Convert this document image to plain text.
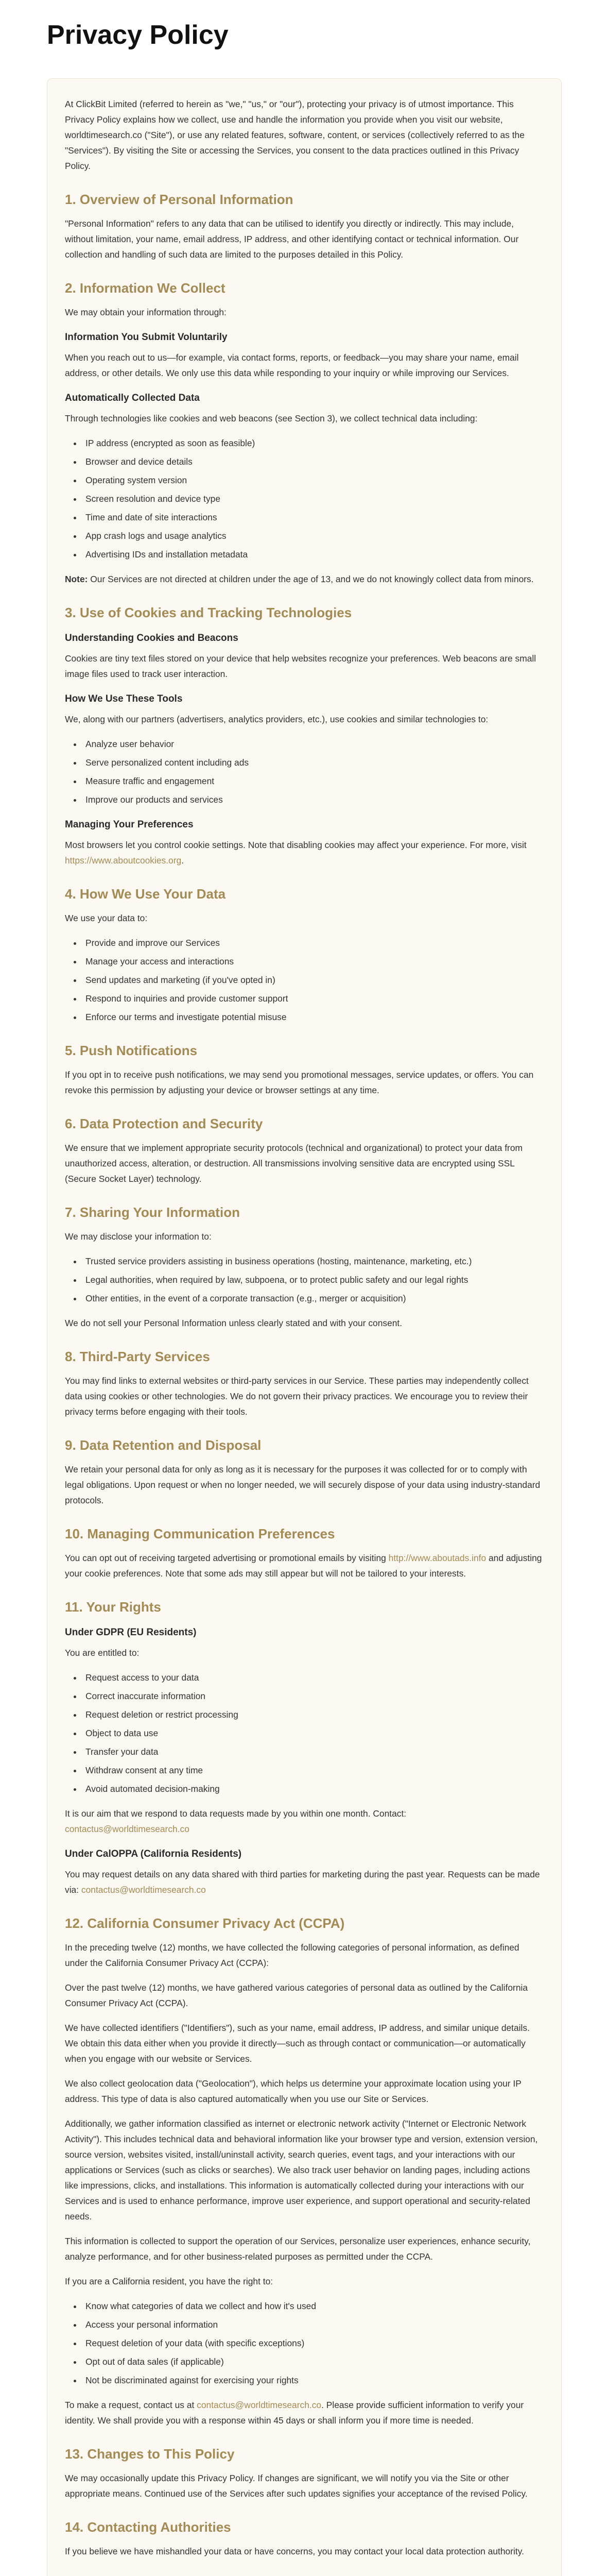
Privacy Policy

At ClickBit Limited (referred to herein as "we," "us," or "our"), protecting your privacy is of utmost importance. This Privacy Policy explains how we collect, use and handle the information you provide when you visit our website, worldtimesearch.co ("Site"), or use any related features, software, content, or services (collectively referred to as the "Services"). By visiting the Site or accessing the Services, you consent to the data practices outlined in this Privacy Policy.

1. Overview of Personal Information

"Personal Information" refers to any data that can be utilised to identify you directly or indirectly. This may include, without limitation, your name, email address, IP address, and other identifying contact or technical information. Our collection and handling of such data are limited to the purposes detailed in this Policy.

2. Information We Collect

We may obtain your information through:

Information You Submit Voluntarily

When you reach out to us—for example, via contact forms, reports, or feedback—you may share your name, email address, or other details. We only use this data while responding to your inquiry or while improving our Services.

Automatically Collected Data

Through technologies like cookies and web beacons (see Section 3), we collect technical data including:

• IP address (encrypted as soon as feasible)
• Browser and device details
• Operating system version
• Screen resolution and device type
• Time and date of site interactions
• App crash logs and usage analytics
• Advertising IDs and installation metadata

Note: Our Services are not directed at children under the age of 13, and we do not knowingly collect data from minors.

3. Use of Cookies and Tracking Technologies
Understanding Cookies and Beacons

Cookies are tiny text files stored on your device that help websites recognize your preferences. Web beacons are small image files used to track user interaction.

How We Use These Tools

We, along with our partners (advertisers, analytics providers, etc.), use cookies and similar technologies to:

• Analyze user behavior
• Serve personalized content including ads
• Measure traffic and engagement
• Improve our products and services
Managing Your Preferences

Most browsers let you control cookie settings. Note that disabling cookies may affect your experience. For more, visit https://www.aboutcookies.org.

4. How We Use Your Data

We use your data to:

• Provide and improve our Services
• Manage your access and interactions
• Send updates and marketing (if you've opted in)
• Respond to inquiries and provide customer support
• Enforce our terms and investigate potential misuse
5. Push Notifications

If you opt in to receive push notifications, we may send you promotional messages, service updates, or offers. You can revoke this permission by adjusting your device or browser settings at any time.

6. Data Protection and Security

We ensure that we implement appropriate security protocols (technical and organizational) to protect your data from unauthorized access, alteration, or destruction. All transmissions involving sensitive data are encrypted using SSL (Secure Socket Layer) technology.

7. Sharing Your Information

We may disclose your information to:

• Trusted service providers assisting in business operations (hosting, maintenance, marketing, etc.)
• Legal authorities, when required by law, subpoena, or to protect public safety and our legal rights
• Other entities, in the event of a corporate transaction (e.g., merger or acquisition)

We do not sell your Personal Information unless clearly stated and with your consent.

8. Third-Party Services

You may find links to external websites or third-party services in our Service. These parties may independently collect data using cookies or other technologies. We do not govern their privacy practices. We encourage you to review their privacy terms before engaging with their tools.

9. Data Retention and Disposal

We retain your personal data for only as long as it is necessary for the purposes it was collected for or to comply with legal obligations. Upon request or when no longer needed, we will securely dispose of your data using industry-standard protocols.

10. Managing Communication Preferences

You can opt out of receiving targeted advertising or promotional emails by visiting http://www.aboutads.info and adjusting your cookie preferences. Note that some ads may still appear but will not be tailored to your interests.

11. Your Rights
Under GDPR (EU Residents)

You are entitled to:

• Request access to your data
• Correct inaccurate information
• Request deletion or restrict processing
• Object to data use
• Transfer your data
• Withdraw consent at any time
• Avoid automated decision-making

It is our aim that we respond to data requests made by you within one month. Contact:
contactus@worldtimesearch.co

Under CalOPPA (California Residents)

You may request details on any data shared with third parties for marketing during the past year. Requests can be made via: contactus@worldtimesearch.co

12. California Consumer Privacy Act (CCPA)

In the preceding twelve (12) months, we have collected the following categories of personal information, as defined under the California Consumer Privacy Act (CCPA):

Over the past twelve (12) months, we have gathered various categories of personal data as outlined by the California Consumer Privacy Act (CCPA).

We have collected identifiers ("Identifiers"), such as your name, email address, IP address, and similar unique details. We obtain this data either when you provide it directly—such as through contact or communication—or automatically when you engage with our website or Services.

We also collect geolocation data ("Geolocation"), which helps us determine your approximate location using your IP address. This type of data is also captured automatically when you use our Site or Services.

Additionally, we gather information classified as internet or electronic network activity ("Internet or Electronic Network Activity"). This includes technical data and behavioral information like your browser type and version, extension version, source version, websites visited, install/uninstall activity, search queries, event tags, and your interactions with our applications or Services (such as clicks or searches). We also track user behavior on landing pages, including actions like impressions, clicks, and installations. This information is automatically collected during your interactions with our Services and is used to enhance performance, improve user experience, and support operational and security-related needs.

This information is collected to support the operation of our Services, personalize user experiences, enhance security, analyze performance, and for other business-related purposes as permitted under the CCPA.

If you are a California resident, you have the right to:

• Know what categories of data we collect and how it's used
• Access your personal information
• Request deletion of your data (with specific exceptions)
• Opt out of data sales (if applicable)
• Not be discriminated against for exercising your rights

To make a request, contact us at contactus@worldtimesearch.co. Please provide sufficient information to verify your identity. We shall provide you with a response within 45 days or shall inform you if more time is needed.

13. Changes to This Policy

We may occasionally update this Privacy Policy. If changes are significant, we will notify you via the Site or other appropriate means. Continued use of the Services after such updates signifies your acceptance of the revised Policy.

14. Contacting Authorities

If you believe we have mishandled your data or have concerns, you may contact your local data protection authority.
